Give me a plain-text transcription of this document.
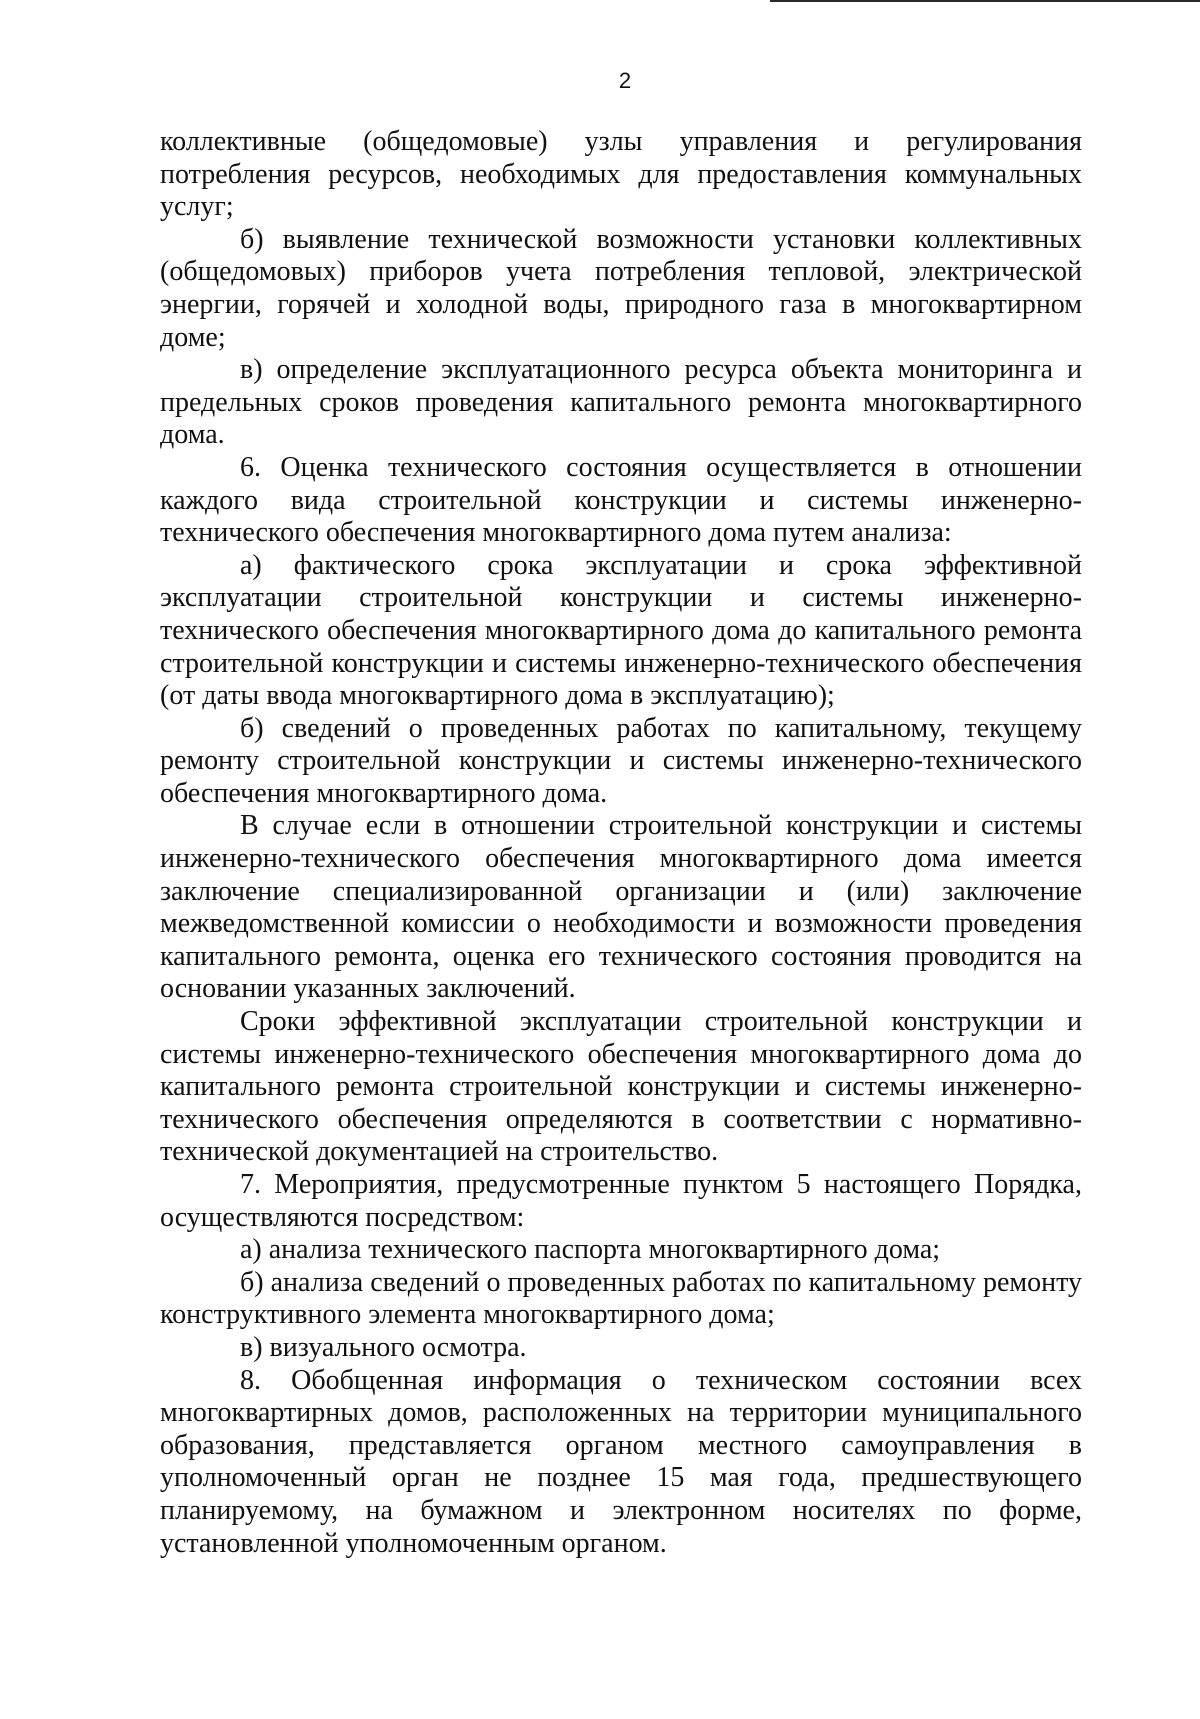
2

коллективные (общедомовые) узлы управления и регулирования потребления ресурсов, необходимых для предоставления коммунальных услуг;

б) выявление технической возможности установки коллективных (общедомовых) приборов учета потребления тепловой, электрической энергии, горячей и холодной воды, природного газа в многоквартирном доме;

в) определение эксплуатационного ресурса объекта мониторинга и предельных сроков проведения капитального ремонта многоквартирного дома.

6. Оценка технического состояния осуществляется в отношении каждого вида строительной конструкции и системы инженерно-технического обеспечения многоквартирного дома путем анализа:

а) фактического срока эксплуатации и срока эффективной эксплуатации строительной конструкции и системы инженерно-технического обеспечения многоквартирного дома до капитального ремонта строительной конструкции и системы инженерно-технического обеспечения (от даты ввода многоквартирного дома в эксплуатацию);

б) сведений о проведенных работах по капитальному, текущему ремонту строительной конструкции и системы инженерно-технического обеспечения многоквартирного дома.

В случае если в отношении строительной конструкции и системы инженерно-технического обеспечения многоквартирного дома имеется заключение специализированной организации и (или) заключение межведомственной комиссии о необходимости и возможности проведения капитального ремонта, оценка его технического состояния проводится на основании указанных заключений.

Сроки эффективной эксплуатации строительной конструкции и системы инженерно-технического обеспечения многоквартирного дома до капитального ремонта строительной конструкции и системы инженерно-технического обеспечения определяются в соответствии с нормативно-технической документацией на строительство.

7. Мероприятия, предусмотренные пунктом 5 настоящего Порядка, осуществляются посредством:

а) анализа технического паспорта многоквартирного дома;

б) анализа сведений о проведенных работах по капитальному ремонту конструктивного элемента многоквартирного дома;

в) визуального осмотра.

8. Обобщенная информация о техническом состоянии всех многоквартирных домов, расположенных на территории муниципального образования, представляется органом местного самоуправления в уполномоченный орган не позднее 15 мая года, предшествующего планируемому, на бумажном и электронном носителях по форме, установленной уполномоченным органом.
